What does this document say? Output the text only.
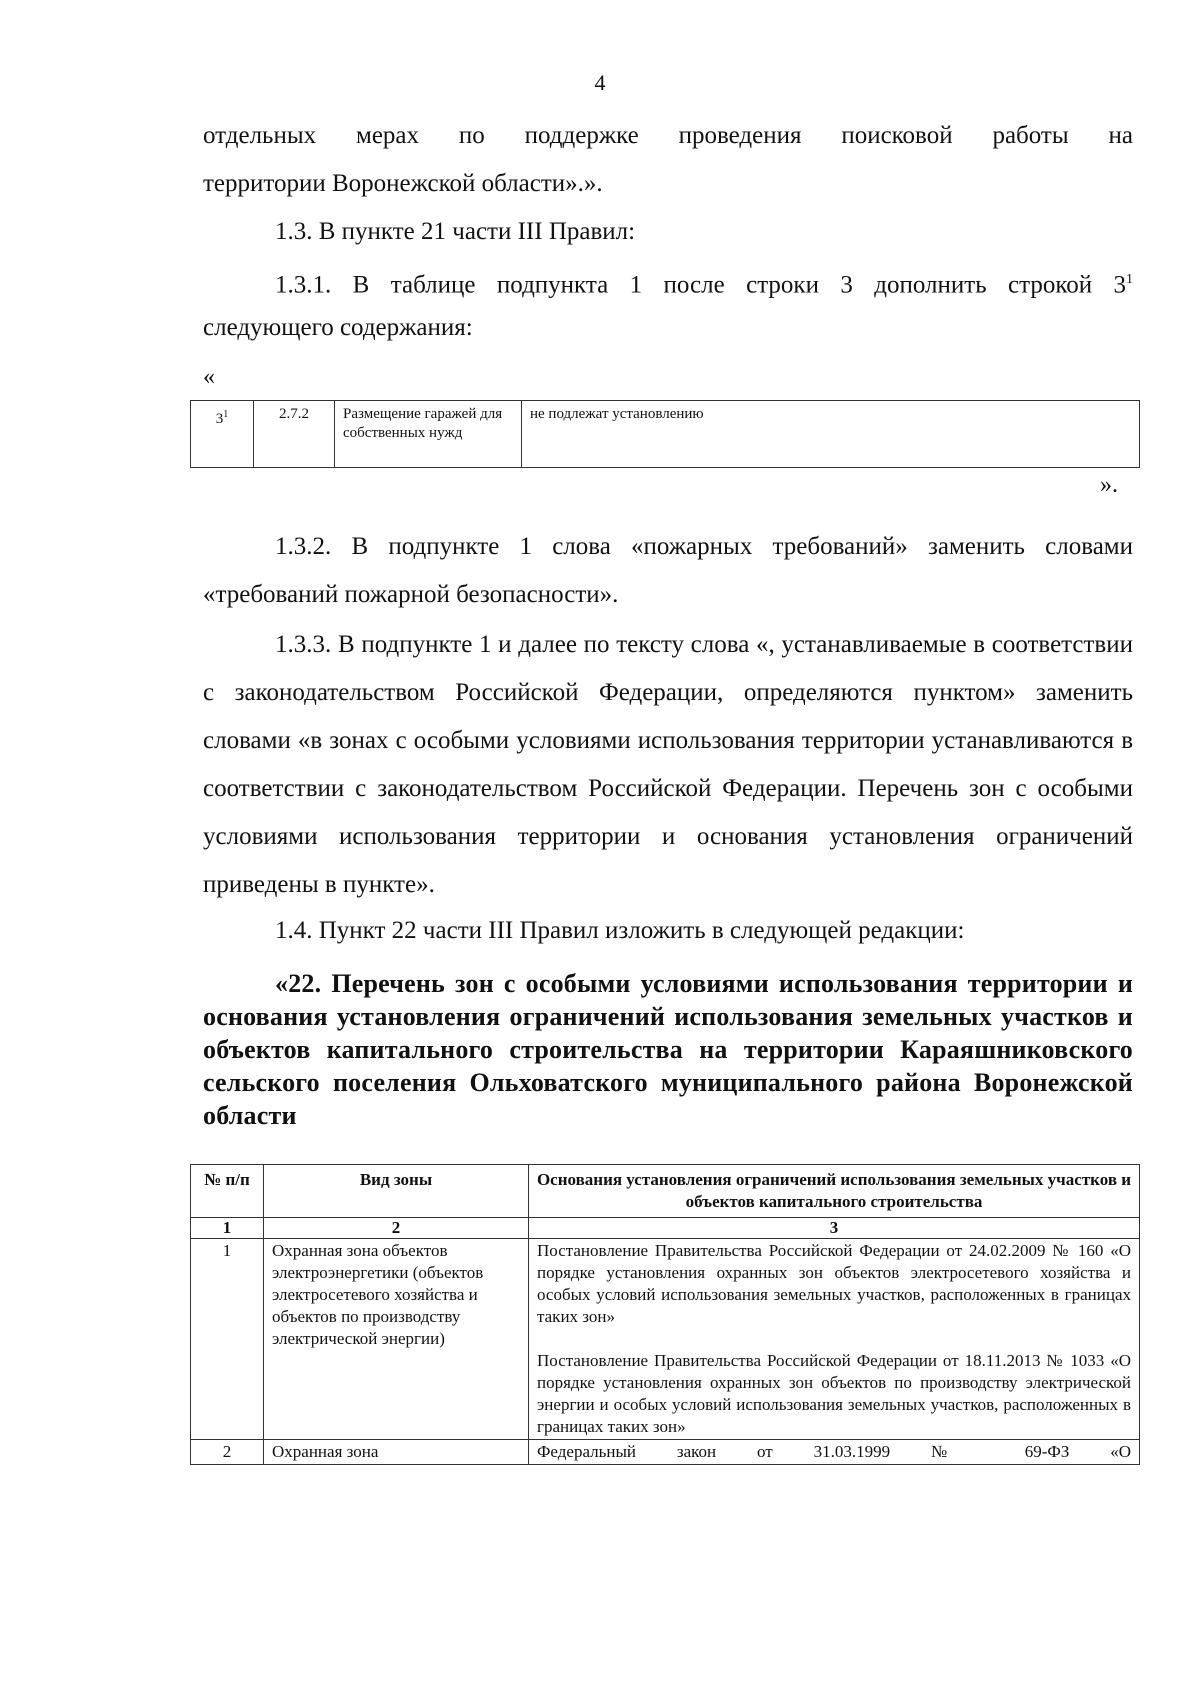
4

отдельных мерах по поддержке проведения поисковой работы на

территории Воронежской области».».

1.3. В пункте 21 части III Правил:

1.3.1. В таблице подпункта 1 после строки 3 дополнить строкой $3^1$

следующего содержания:

«
$3^1$	2.7.2	Размещение гаражей для собственных нужд	не подлежат установлению
».

1.3.2. В подпункте 1 слова «пожарных требований» заменить словами «требований пожарной безопасности».

1.3.3. В подпункте 1 и далее по тексту слова «, устанавливаемые в соответствии с законодательством Российской Федерации, определяются пунктом» заменить словами «в зонах с особыми условиями использования территории устанавливаются в соответствии с законодательством Российской Федерации. Перечень зон с особыми условиями использования территории и основания установления ограничений приведены в пункте».

1.4. Пункт 22 части III Правил изложить в следующей редакции:

«22. Перечень зон с особыми условиями использования территории и основания установления ограничений использования земельных участков и объектов капитального строительства на территории Караяшниковского сельского поселения Ольховатского муниципального района Воронежской области

№ п/п	Вид зоны	Основания установления ограничений использования земельных участков и объектов капитального строительства
1	2	3
1	Охранная зона объектов электроэнергетики (объектов электросетевого хозяйства и объектов по производству электрической энергии)	Постановление Правительства Российской Федерации от 24.02.2009 № 160 «О порядке установления охранных зон объектов электросетевого хозяйства и особых условий использования земельных участков, расположенных в границах таких зон»

Постановление Правительства Российской Федерации от 18.11.2013 № 1033 «О порядке установления охранных зон объектов по производству электрической энергии и особых условий использования земельных участков, расположенных в границах таких зон»

2	Охранная зона	Федеральный закон от 31.03.1999 № 69-ФЗ «О
